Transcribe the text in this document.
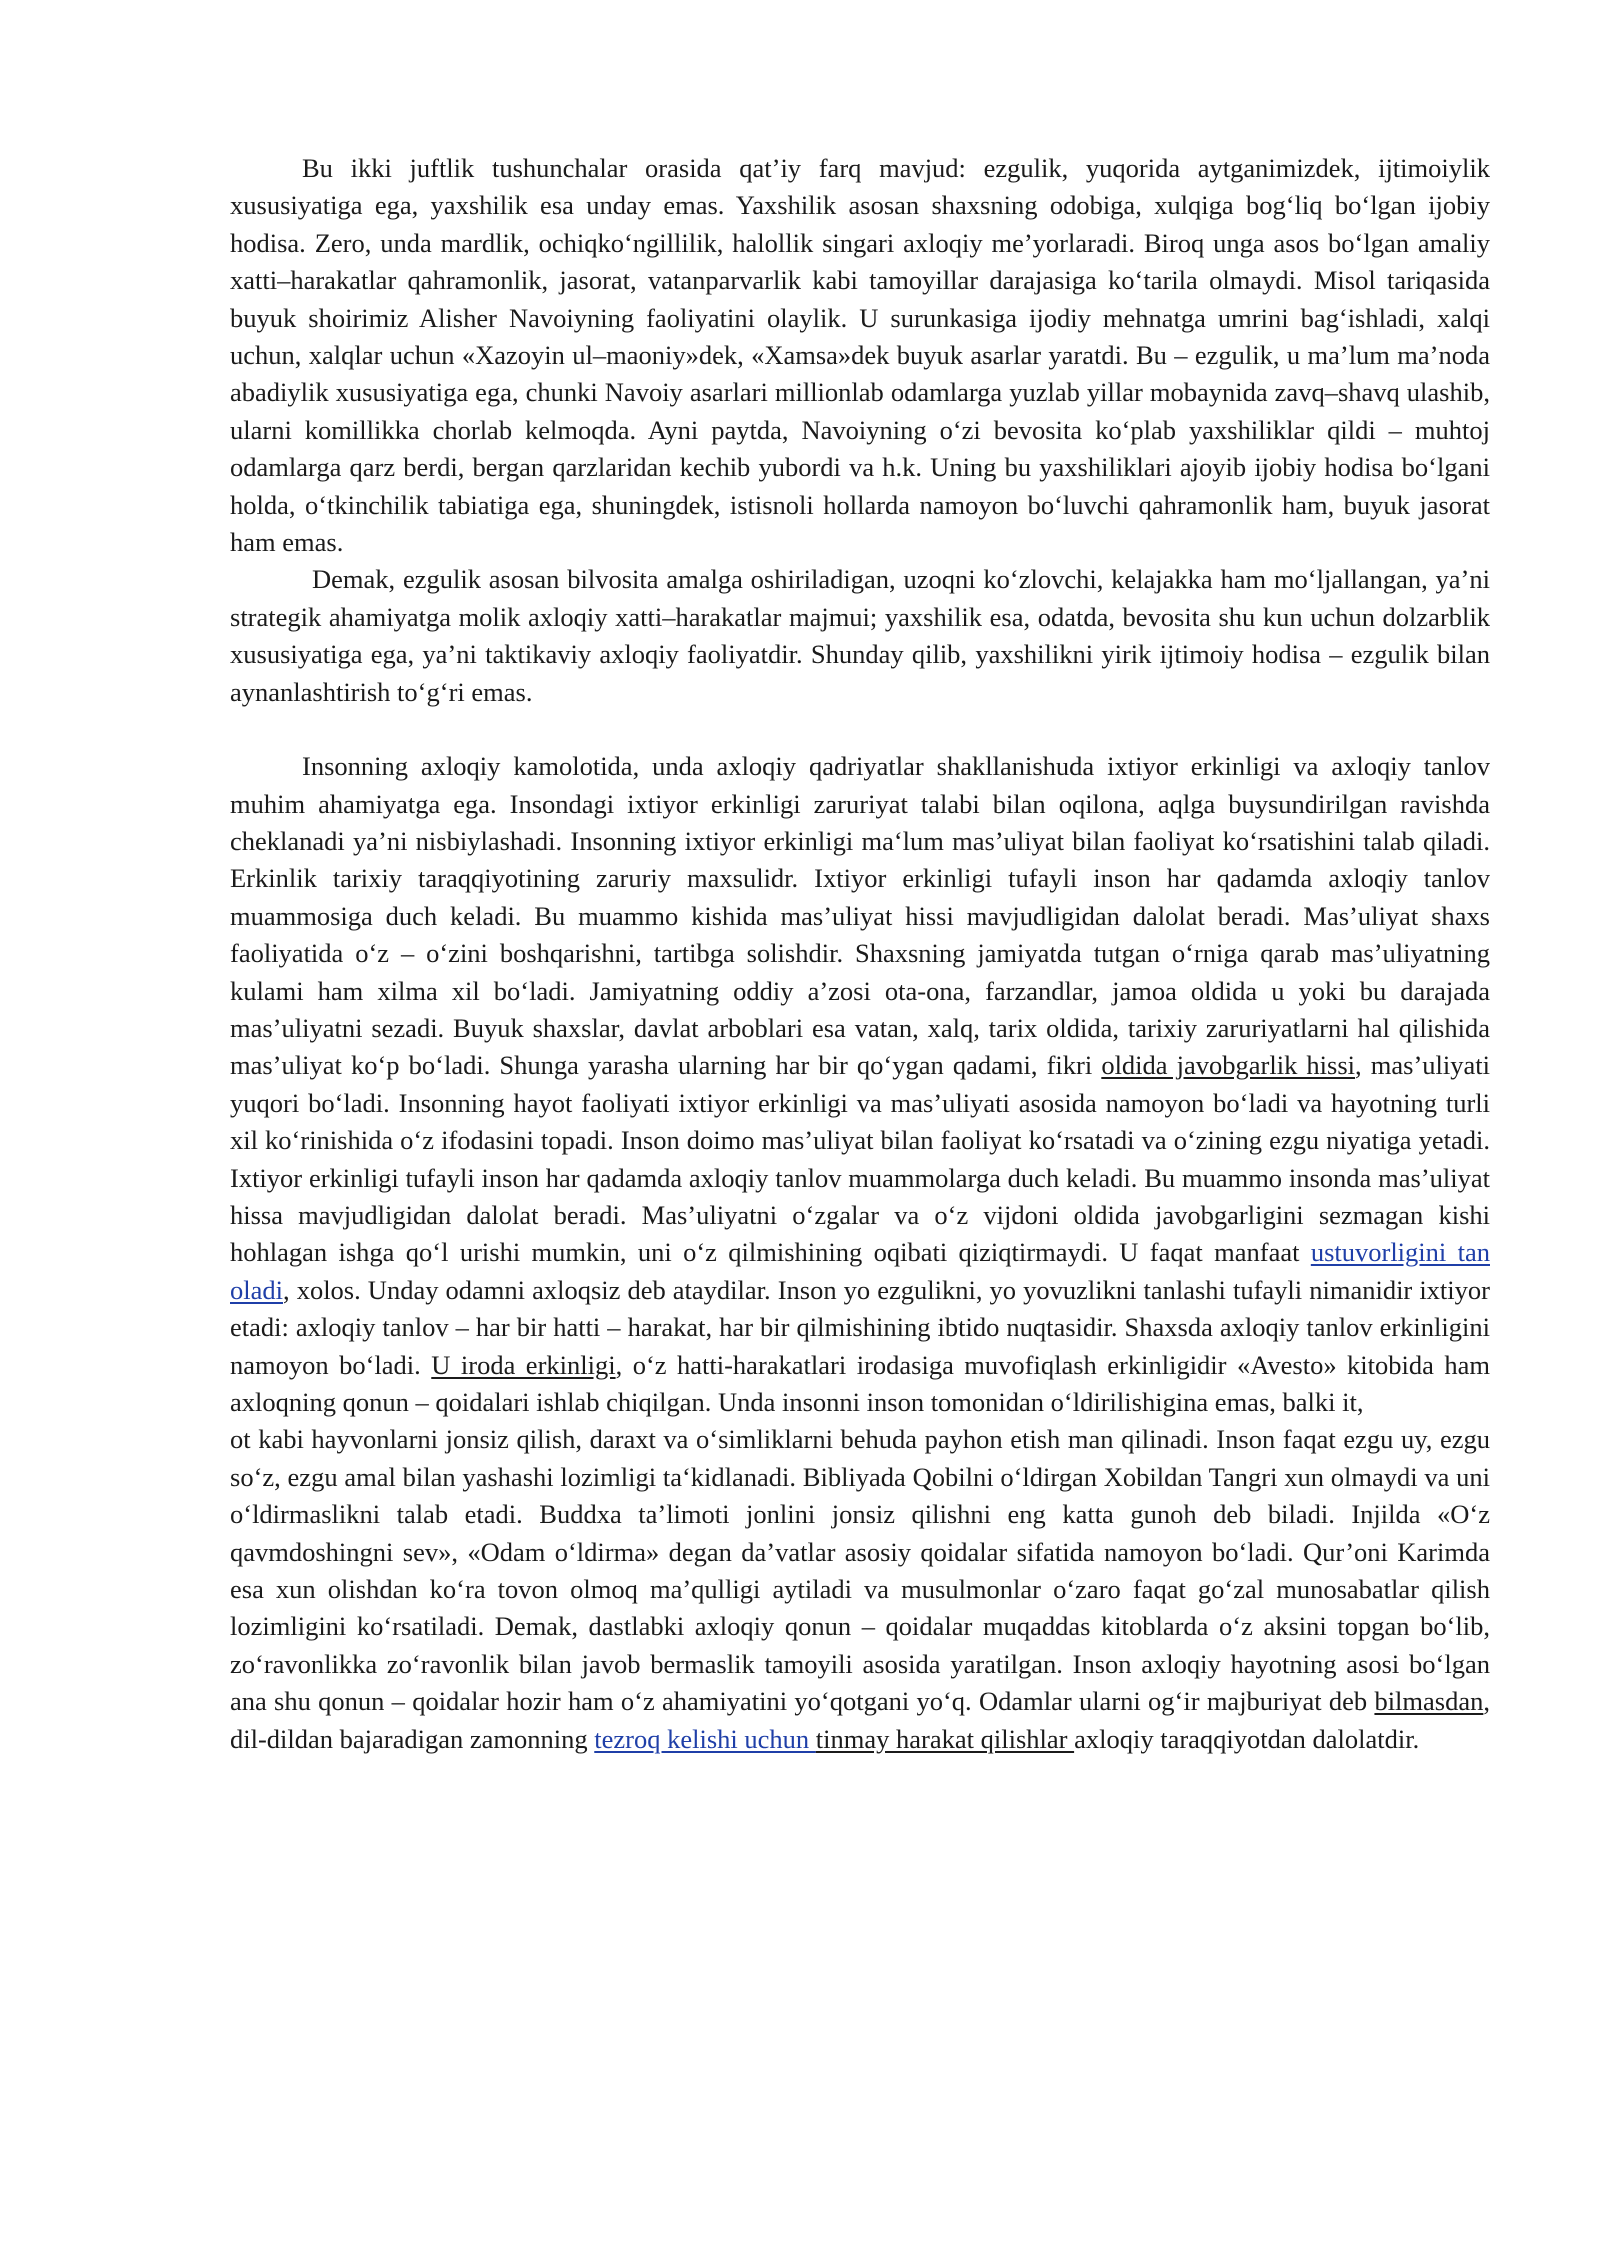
Bu ikki juftlik tushunchalar orasida qat’iy farq mavjud: ezgulik, yuqorida aytganimizdek, ijtimoiylik xususiyatiga ega, yaxshilik esa unday emas. Yaxshilik asosan shaxsning odobiga, xulqiga bog‘liq bo‘lgan ijobiy hodisa. Zero, unda mardlik, ochiqko‘ngillilik, halollik singari axloqiy me’yorlaradi. Biroq unga asos bo‘lgan amaliy xatti–harakatlar qahramonlik, jasorat, vatanparvarlik kabi tamoyillar darajasiga ko‘tarila olmaydi. Misol tariqasida buyuk shoirimiz Alisher Navoiyning faoliyatini olaylik. U surunkasiga ijodiy mehnatga umrini bag‘ishladi, xalqi uchun, xalqlar uchun «Xazoyin ul–maoniy»dek, «Xamsa»dek buyuk asarlar yaratdi. Bu – ezgulik, u ma’lum ma’noda abadiylik xususiyatiga ega, chunki Navoiy asarlari millionlab odamlarga yuzlab yillar mobaynida zavq–shavq ulashib, ularni komillikka chorlab kelmoqda. Ayni paytda, Navoiyning o‘zi bevosita ko‘plab yaxshiliklar qildi – muhtoj odamlarga qarz berdi, bergan qarzlaridan kechib yubordi va h.k. Uning bu yaxshiliklari ajoyib ijobiy hodisa bo‘lgani holda, o‘tkinchilik tabiatiga ega, shuningdek, istisnoli hollarda namoyon bo‘luvchi qahramonlik ham, buyuk jasorat ham emas.

Demak, ezgulik asosan bilvosita amalga oshiriladigan, uzoqni ko‘zlovchi, kelajakka ham mo‘ljallangan, ya’ni strategik ahamiyatga molik axloqiy xatti–harakatlar majmui; yaxshilik esa, odatda, bevosita shu kun uchun dolzarblik xususiyatiga ega, ya’ni taktikaviy axloqiy faoliyatdir. Shunday qilib, yaxshilikni yirik ijtimoiy hodisa – ezgulik bilan aynanlashtirish to‘g‘ri emas.

Insonning axloqiy kamolotida, unda axloqiy qadriyatlar shakllanishuda ixtiyor erkinligi va axloqiy tanlov muhim ahamiyatga ega. Insondagi ixtiyor erkinligi zaruriyat talabi bilan oqilona, aqlga buysundirilgan ravishda cheklanadi ya’ni nisbiylashadi. Insonning ixtiyor erkinligi ma‘lum mas’uliyat bilan faoliyat ko‘rsatishini talab qiladi. Erkinlik tarixiy taraqqiyotining zaruriy maxsulidr. Ixtiyor erkinligi tufayli inson har qadamda axloqiy tanlov muammosiga duch keladi. Bu muammo kishida mas’uliyat hissi mavjudligidan dalolat beradi. Mas’uliyat shaxs faoliyatida o‘z – o‘zini boshqarishni, tartibga solishdir. Shaxsning jamiyatda tutgan o‘rniga qarab mas’uliyatning kulami ham xilma xil bo‘ladi. Jamiyatning oddiy a’zosi ota-ona, farzandlar, jamoa oldida u yoki bu darajada mas’uliyatni sezadi. Buyuk shaxslar, davlat arboblari esa vatan, xalq, tarix oldida, tarixiy zaruriyatlarni hal qilishida mas’uliyat ko‘p bo‘ladi. Shunga yarasha ularning har bir qo‘ygan qadami, fikri oldida javobgarlik hissi, mas’uliyati yuqori bo‘ladi. Insonning hayot faoliyati ixtiyor erkinligi va mas’uliyati asosida namoyon bo‘ladi va hayotning turli xil ko‘rinishida o‘z ifodasini topadi. Inson doimo mas’uliyat bilan faoliyat ko‘rsatadi va o‘zining ezgu niyatiga yetadi. Ixtiyor erkinligi tufayli inson har qadamda axloqiy tanlov muammolarga duch keladi. Bu muammo insonda mas’uliyat hissa mavjudligidan dalolat beradi. Mas’uliyatni o‘zgalar va o‘z vijdoni oldida javobgarligini sezmagan kishi hohlagan ishga qo‘l urishi mumkin, uni o‘z qilmishining oqibati qiziqtirmaydi. U faqat manfaat ustuvorligini tan oladi, xolos. Unday odamni axloqsiz deb ataydilar. Inson yo ezgulikni, yo yovuzlikni tanlashi tufayli nimanidir ixtiyor etadi: axloqiy tanlov – har bir hatti – harakat, har bir qilmishining ibtido nuqtasidir. Shaxsda axloqiy tanlov erkinligini namoyon bo‘ladi. U iroda erkinligi, o‘z hatti-harakatlari irodasiga muvofiqlash erkinligidir «Avesto» kitobida ham axloqning qonun – qoidalari ishlab chiqilgan. Unda insonni inson tomonidan o‘ldirilishigina emas, balki it,

ot kabi hayvonlarni jonsiz qilish, daraxt va o‘simliklarni behuda payhon etish man qilinadi. Inson faqat ezgu uy, ezgu so‘z, ezgu amal bilan yashashi lozimligi ta‘kidlanadi. Bibliyada Qobilni o‘ldirgan Xobildan Tangri xun olmaydi va uni o‘ldirmaslikni talab etadi. Buddxa ta’limoti jonlini jonsiz qilishni eng katta gunoh deb biladi. Injilda «O‘z qavmdoshingni sev», «Odam o‘ldirma» degan da’vatlar asosiy qoidalar sifatida namoyon bo‘ladi. Qur’oni Karimda esa xun olishdan ko‘ra tovon olmoq ma’qulligi aytiladi va musulmonlar o‘zaro faqat go‘zal munosabatlar qilish lozimligini ko‘rsatiladi. Demak, dastlabki axloqiy qonun – qoidalar muqaddas kitoblarda o‘z aksini topgan bo‘lib, zo‘ravonlikka zo‘ravonlik bilan javob bermaslik tamoyili asosida yaratilgan. Inson axloqiy hayotning asosi bo‘lgan ana shu qonun – qoidalar hozir ham o‘z ahamiyatini yo‘qotgani yo‘q. Odamlar ularni og‘ir majburiyat deb bilmasdan, dil-dildan bajaradigan zamonning tezroq kelishi uchun tinmay harakat qilishlar axloqiy taraqqiyotdan dalolatdir.
